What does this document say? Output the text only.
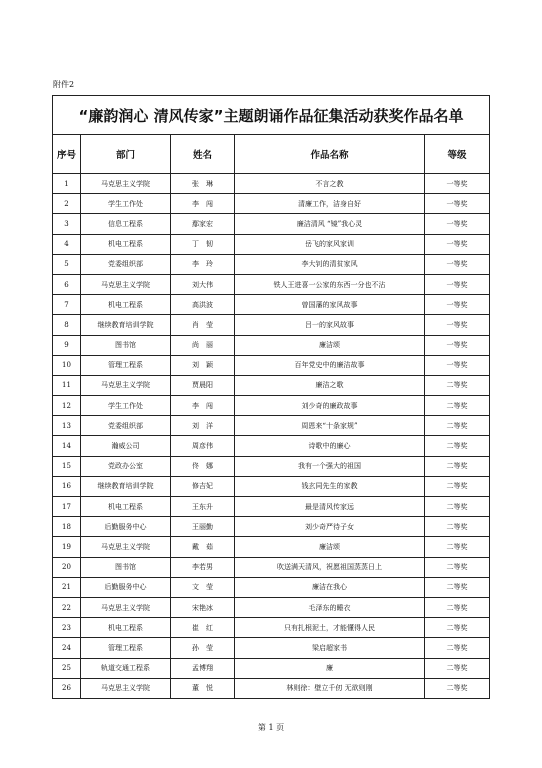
附件2
“廉韵润心 清风传家”主题朗诵作品征集活动获奖作品名单				
序号	部门	姓名	作品名称	等级
1	马克思主义学院	张　琳	不言之教	一等奖
2	学生工作处	李　闯	清廉工作，洁身自好	一等奖
3	信息工程系	鄢家宏	廉洁清风 “镜”我心灵	一等奖
4	机电工程系	丁　韧	岳飞的家风家训	一等奖
5	党委组织部	李　玲	李大钊的清贫家风	一等奖
6	马克思主义学院	刘大伟	铁人王进喜一公家的东西一分也不沾	一等奖
7	机电工程系	高洪波	曾国藩的家风故事	一等奖
8	继续教育培训学院	肖　莹	吕一的家风故事	一等奖
9	图书馆	尚　丽	廉洁颂	一等奖
10	管理工程系	刘　颖	百年党史中的廉洁故事	一等奖
11	马克思主义学院	贾晨阳	廉洁之歌	二等奖
12	学生工作处	李　闯	刘少奇的廉政故事	二等奖
13	党委组织部	刘　洋	周恩来“十条家规”	二等奖
14	瀚威公司	周彦伟	诗歌中的廉心	二等奖
15	党政办公室	佟　娜	我有一个强大的祖国	二等奖
16	继续教育培训学院	修吉妃	钱玄同先生的家教	二等奖
17	机电工程系	王东升	最是清风传家远	二等奖
18	后勤服务中心	王丽勤	刘少奇严待子女	二等奖
19	马克思主义学院	戴　茹	廉洁颂	二等奖
20	图书馆	李若男	吹送满天清风，祝愿祖国蒸蒸日上	二等奖
21	后勤服务中心	文　莹	廉洁在我心	二等奖
22	马克思主义学院	宋艳冰	毛泽东的睡衣	二等奖
23	机电工程系	崔　红	只有扎根泥土，才能懂得人民	二等奖
24	管理工程系	孙　莹	梁启超家书	二等奖
25	轨道交通工程系	孟博翔	廉	二等奖
26	马克思主义学院	董　悦	林则徐：壁立千仞 无欲则刚	二等奖
第 1 页
